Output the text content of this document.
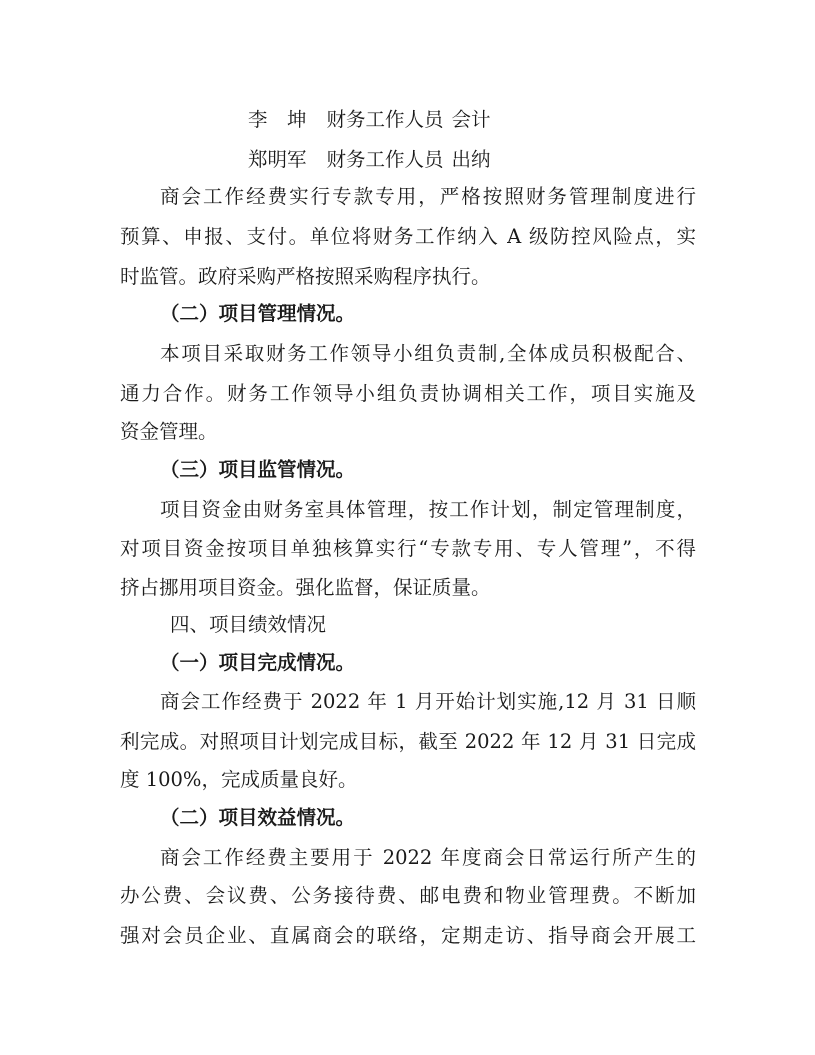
李　坤 财务工作人员 会计
郑明军 财务工作人员 出纳
商会工作经费实行专款专用，严格按照财务管理制度进行
预算、申报、支付。单位将财务工作纳入 A 级防控风险点，实
时监管。政府采购严格按照采购程序执行。
（二）项目管理情况。
本项目采取财务工作领导小组负责制,全体成员积极配合、
通力合作。财务工作领导小组负责协调相关工作，项目实施及
资金管理。
（三）项目监管情况。
项目资金由财务室具体管理，按工作计划，制定管理制度，
对项目资金按项目单独核算实行“专款专用、专人管理”，不得
挤占挪用项目资金。强化监督，保证质量。
四、项目绩效情况
（一）项目完成情况。
商会工作经费于 2022 年 1 月开始计划实施,12 月 31 日顺
利完成。对照项目计划完成目标，截至 2022 年 12 月 31 日完成
度 100%，完成质量良好。
（二）项目效益情况。
商会工作经费主要用于 2022 年度商会日常运行所产生的
办公费、会议费、公务接待费、邮电费和物业管理费。不断加
强对会员企业、直属商会的联络，定期走访、指导商会开展工
